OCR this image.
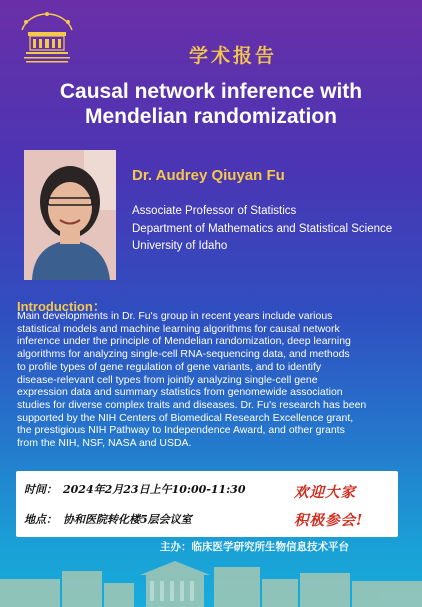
学术报告
Causal network inference with
Mendelian randomization
Dr. Audrey Qiuyan Fu
Associate Professor of Statistics
Department of Mathematics and Statistical Science
University of Idaho
Introduction：
Main developments in Dr. Fu's group in recent years include various
statistical models and machine learning algorithms for causal network
inference under the principle of Mendelian randomization, deep learning
algorithms for analyzing single-cell RNA-sequencing data, and methods
to profile types of gene regulation of gene variants, and to identify
disease-relevant cell types from jointly analyzing single-cell gene
expression data and summary statistics from genomewide association
studies for diverse complex traits and diseases. Dr. Fu's research has been
supported by the NIH Centers of Biomedical Research Excellence grant,
the prestigious NIH Pathway to Independence Award, and other grants
from the NIH, NSF, NASA and USDA.
时间： 2024年2月23日上午10:00-11:30
地点： 协和医院转化楼5层会议室
欢迎大家
积极参会!
主办：临床医学研究所生物信息技术平台
